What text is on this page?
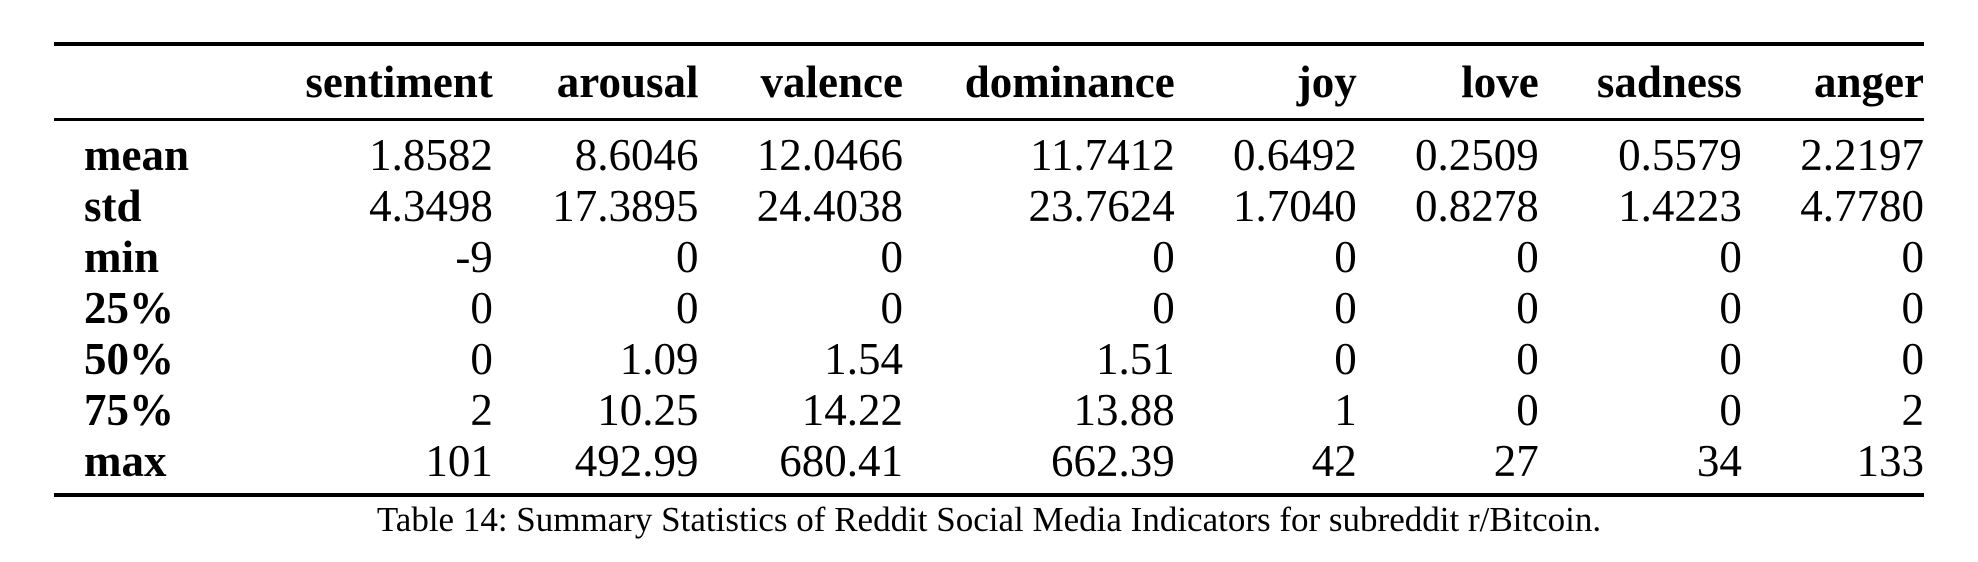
	sentiment	arousal	valence	dominance	joy	love	sadness	anger

mean	1.8582	8.6046	12.0466	11.7412	0.6492	0.2509	0.5579	2.2197
std	4.3498	17.3895	24.4038	23.7624	1.7040	0.8278	1.4223	4.7780
min	-9	0	0	0	0	0	0	0
25%	0	0	0	0	0	0	0	0
50%	0	1.09	1.54	1.51	0	0	0	0
75%	2	10.25	14.22	13.88	1	0	0	2
max	101	492.99	680.41	662.39	42	27	34	133
Table 14: Summary Statistics of Reddit Social Media Indicators for subreddit r/Bitcoin.
